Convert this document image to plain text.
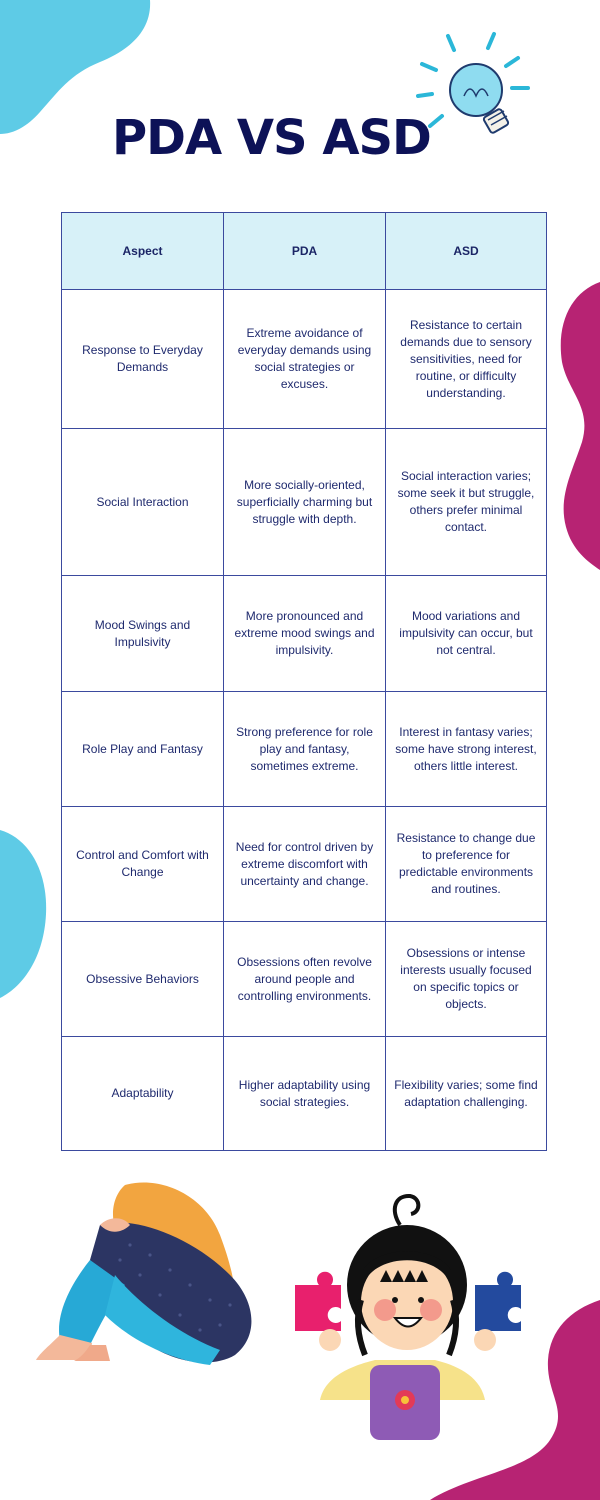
PDA VS ASD
Aspect	PDA	ASD
Response to Everyday Demands	Extreme avoidance of everyday demands using social strategies or excuses.	Resistance to certain demands due to sensory sensitivities, need for routine, or difficulty understanding.
Social Interaction	More socially-oriented, superficially charming but struggle with depth.	Social interaction varies; some seek it but struggle, others prefer minimal contact.
Mood Swings and Impulsivity	More pronounced and extreme mood swings and impulsivity.	Mood variations and impulsivity can occur, but not central.
Role Play and Fantasy	Strong preference for role play and fantasy, sometimes extreme.	Interest in fantasy varies; some have strong interest, others little interest.
Control and Comfort with Change	Need for control driven by extreme discomfort with uncertainty and change.	Resistance to change due to preference for predictable environments and routines.
Obsessive Behaviors	Obsessions often revolve around people and controlling environments.	Obsessions or intense interests usually focused on specific topics or objects.
Adaptability	Higher adaptability using social strategies.	Flexibility varies; some find adaptation challenging.
